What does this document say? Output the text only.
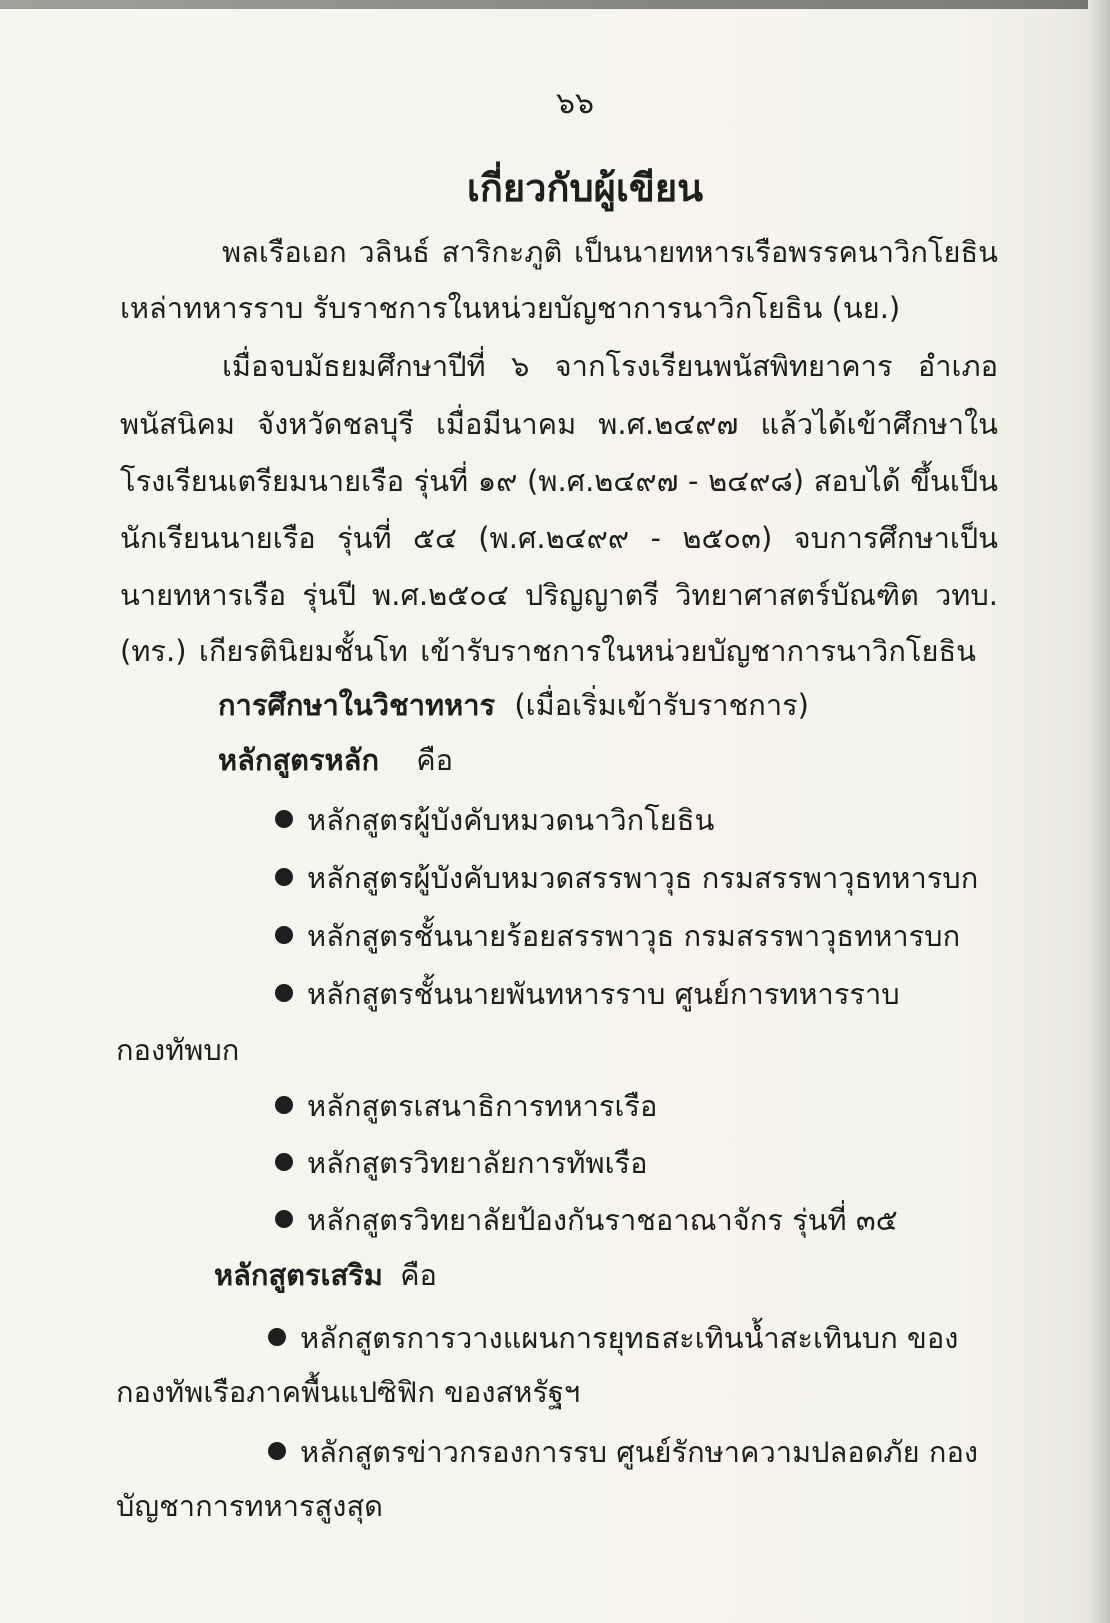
๖๖
เกี่ยวกับผู้เขียน
พลเรือเอก วลินธ์ สาริกะภูติ เป็นนายทหารเรือพรรคนาวิกโยธิน
เหล่าทหารราบ รับราชการในหน่วยบัญชาการนาวิกโยธิน (นย.)
เมื่อจบมัธยมศึกษาปีที่ ๖ จากโรงเรียนพนัสพิทยาคาร อำเภอ
พนัสนิคม จังหวัดชลบุรี เมื่อมีนาคม พ.ศ.๒๔๙๗ แล้วได้เข้าศึกษาใน
โรงเรียนเตรียมนายเรือ รุ่นที่ ๑๙ (พ.ศ.๒๔๙๗ - ๒๔๙๘) สอบได้ ขึ้นเป็น
นักเรียนนายเรือ รุ่นที่ ๕๔ (พ.ศ.๒๔๙๙ - ๒๕๐๓) จบการศึกษาเป็น
นายทหารเรือ รุ่นปี พ.ศ.๒๕๐๔ ปริญญาตรี วิทยาศาสตร์บัณฑิต วทบ.
(ทร.) เกียรตินิยมชั้นโท เข้ารับราชการในหน่วยบัญชาการนาวิกโยธิน
การศึกษาในวิชาทหาร (เมื่อเริ่มเข้ารับราชการ)
หลักสูตรหลัก คือ
หลักสูตรผู้บังคับหมวดนาวิกโยธิน
หลักสูตรผู้บังคับหมวดสรรพาวุธ กรมสรรพาวุธทหารบก
หลักสูตรชั้นนายร้อยสรรพาวุธ กรมสรรพาวุธทหารบก
หลักสูตรชั้นนายพันทหารราบ ศูนย์การทหารราบ
กองทัพบก
หลักสูตรเสนาธิการทหารเรือ
หลักสูตรวิทยาลัยการทัพเรือ
หลักสูตรวิทยาลัยป้องกันราชอาณาจักร รุ่นที่ ๓๕
หลักสูตรเสริม คือ
หลักสูตรการวางแผนการยุทธสะเทินน้ำสะเทินบก ของ
กองทัพเรือภาคพื้นแปซิฟิก ของสหรัฐฯ
หลักสูตรข่าวกรองการรบ ศูนย์รักษาความปลอดภัย กอง
บัญชาการทหารสูงสุด
